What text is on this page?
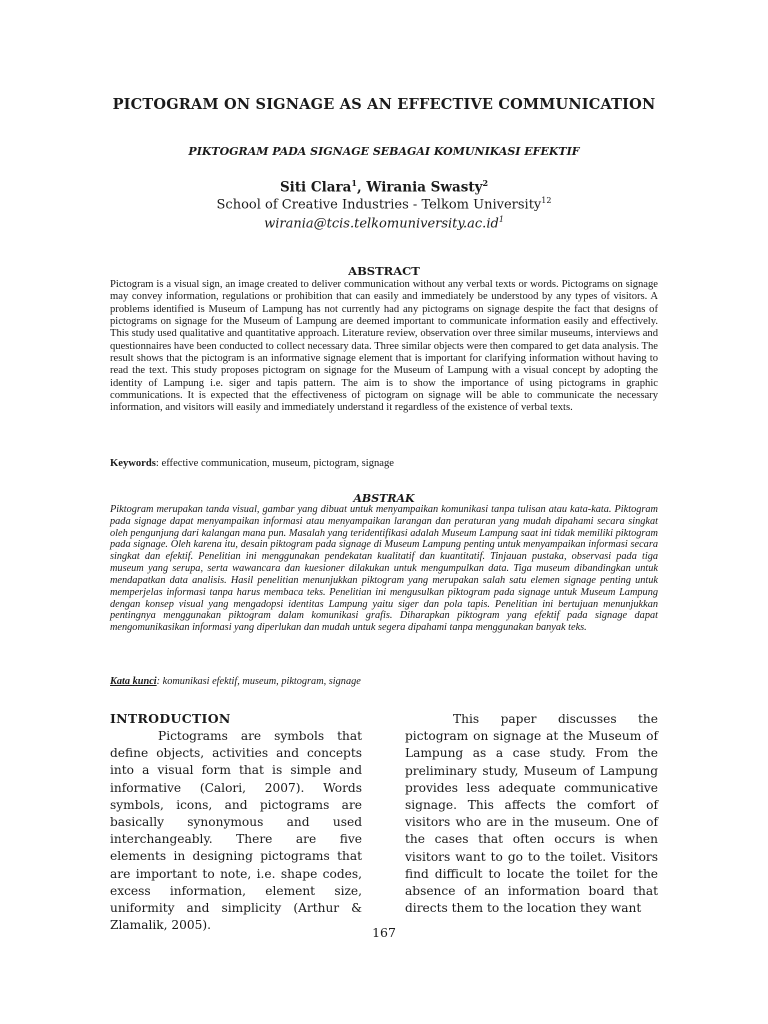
PICTOGRAM ON SIGNAGE AS AN EFFECTIVE COMMUNICATION
PIKTOGRAM PADA SIGNAGE SEBAGAI KOMUNIKASI EFEKTIF
Siti Clara$^1$, Wirania Swasty$^2$
School of Creative Industries - Telkom University$^{12}$
$wirania@tcis.telkomuniversity.ac.id^1$
ABSTRACT

Pictogram is a visual sign, an image created to deliver communication without any verbal texts or words. Pictograms on signage may convey information, regulations or prohibition that can easily and immediately be understood by any types of visitors. A problems identified is Museum of Lampung has not currently had any pictograms on signage despite the fact that designs of pictograms on signage for the Museum of Lampung are deemed important to communicate information easily and effectively. This study used qualitative and quantitative approach. Literature review, observation over three similar museums, interviews and questionnaires have been conducted to collect necessary data. Three similar objects were then compared to get data analysis. The result shows that the pictogram is an informative signage element that is important for clarifying information without having to read the text. This study proposes pictogram on signage for the Museum of Lampung with a visual concept by adopting the identity of Lampung i.e. siger and tapis pattern. The aim is to show the importance of using pictograms in graphic communications. It is expected that the effectiveness of pictogram on signage will be able to communicate the necessary information, and visitors will easily and immediately understand it regardless of the existence of verbal texts.

Keywords: effective communication, museum, pictogram, signage
ABSTRAK

Piktogram merupakan tanda visual, gambar yang dibuat untuk menyampaikan komunikasi tanpa tulisan atau kata-kata. Piktogram pada signage dapat menyampaikan informasi atau menyampaikan larangan dan peraturan yang mudah dipahami secara singkat oleh pengunjung dari kalangan mana pun. Masalah yang teridentifikasi adalah Museum Lampung saat ini tidak memiliki piktogram pada signage. Oleh karena itu, desain piktogram pada signage di Museum Lampung penting untuk menyampaikan informasi secara singkat dan efektif. Penelitian ini menggunakan pendekatan kualitatif dan kuantitatif. Tinjauan pustaka, observasi pada tiga museum yang serupa, serta wawancara dan kuesioner dilakukan untuk mengumpulkan data. Tiga museum dibandingkan untuk mendapatkan data analisis. Hasil penelitian menunjukkan piktogram yang merupakan salah satu elemen signage penting untuk memperjelas informasi tanpa harus membaca teks. Penelitian ini mengusulkan piktogram pada signage untuk Museum Lampung dengan konsep visual yang mengadopsi identitas Lampung yaitu siger dan pola tapis. Penelitian ini bertujuan menunjukkan pentingnya menggunakan piktogram dalam komunikasi grafis. Diharapkan piktogram yang efektif pada signage dapat mengomunikasikan informasi yang diperlukan dan mudah untuk segera dipahami tanpa menggunakan banyak teks.

Kata kunci: komunikasi efektif, museum, piktogram, signage
INTRODUCTION

Pictograms are symbols that define objects, activities and concepts into a visual form that is simple and informative (Calori, 2007). Words symbols, icons, and pictograms are basically synonymous and used interchangeably. There are five elements in designing pictograms that are important to note, i.e. shape codes, excess information, element size, uniformity and simplicity (Arthur & Zlamalik, 2005).

This paper discusses the pictogram on signage at the Museum of Lampung as a case study. From the preliminary study, Museum of Lampung provides less adequate communicative signage. This affects the comfort of visitors who are in the museum. One of the cases that often occurs is when visitors want to go to the toilet. Visitors find difficult to locate the toilet for the absence of an information board that directs them to the location they want

167
